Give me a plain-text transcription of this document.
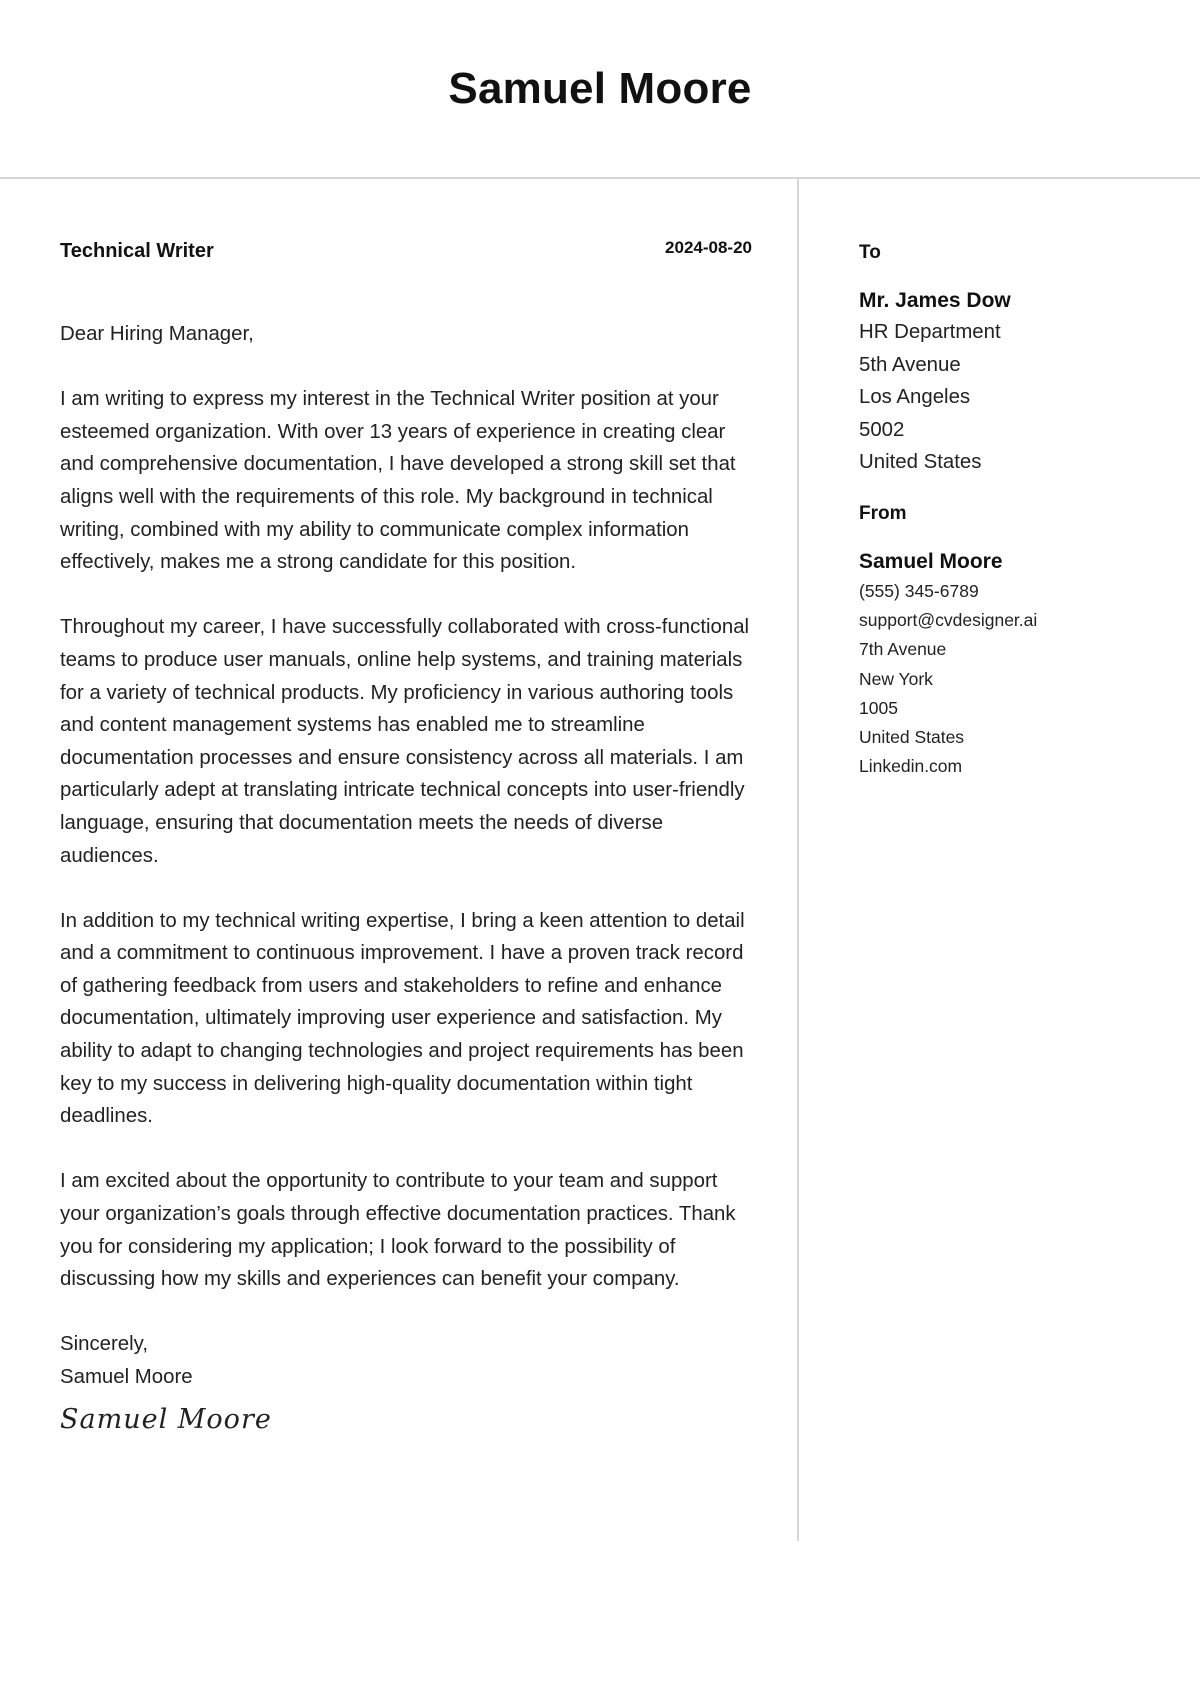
Samuel Moore
Technical Writer	2024-08-20

Dear Hiring Manager,

I am writing to express my interest in the Technical Writer position at your esteemed organization. With over 13 years of experience in creating clear and comprehensive documentation, I have developed a strong skill set that aligns well with the requirements of this role. My background in technical writing, combined with my ability to communicate complex information effectively, makes me a strong candidate for this position.

Throughout my career, I have successfully collaborated with cross-functional teams to produce user manuals, online help systems, and training materials for a variety of technical products. My proficiency in various authoring tools and content management systems has enabled me to streamline documentation processes and ensure consistency across all materials. I am particularly adept at translating intricate technical concepts into user-friendly language, ensuring that documentation meets the needs of diverse audiences.

In addition to my technical writing expertise, I bring a keen attention to detail and a commitment to continuous improvement. I have a proven track record of gathering feedback from users and stakeholders to refine and enhance documentation, ultimately improving user experience and satisfaction. My ability to adapt to changing technologies and project requirements has been key to my success in delivering high-quality documentation within tight deadlines.

I am excited about the opportunity to contribute to your team and support your organization’s goals through effective documentation practices. Thank you for considering my application; I look forward to the possibility of discussing how my skills and experiences can benefit your company.

Sincerely,
Samuel Moore

Samuel Moore
To
Mr. James Dow
HR Department
5th Avenue
Los Angeles
5002
United States
From
Samuel Moore
(555) 345-6789
support@cvdesigner.ai
7th Avenue
New York
1005
United States
Linkedin.com
